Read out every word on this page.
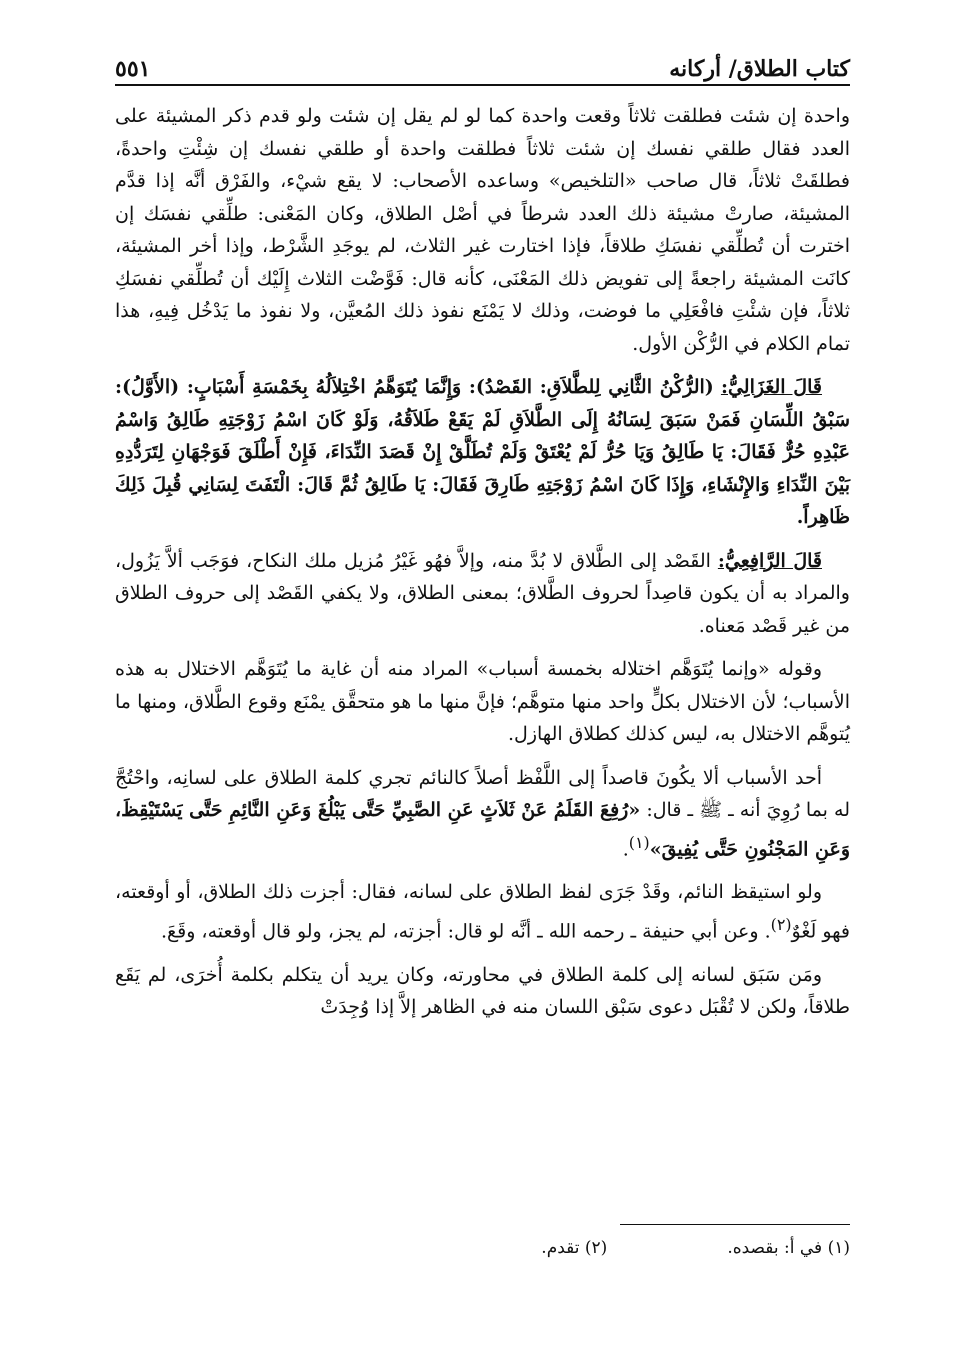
٥٥١	كتاب الطلاق/ أركانه

واحدة إن شئت فطلقت ثلاثاً وقعت واحدة كما لو لم يقل إن شئت ولو قدم ذكر المشيئة على العدد فقال طلقي نفسك إن شئت ثلاثاً فطلقت واحدة أو طلقي نفسك إن شِئْتِ واحدةً، فطلقَتْ ثلاثاً، قال صاحب «التلخيص» وساعده الأصحاب: لا يقع شيْء، والفَرْق أنَّه إذا قدَّم المشيئة، صارتْ مشيئة ذلك العدد شرطاً في أصْل الطلاق، وكان المَعْنى: طلِّقي نفسَك إن اخترت أن تُطلِّقي نفسَكِ طلاقاً، فإذا اختارت غير الثلاث، لم يوجَدِ الشَّرْط، وإذا أخر المشيئة، كانَت المشيئة راجعةً إلى تفويض ذلك المَعْنَى، كأنه قال: فَوَّضْت الثلاث إِلَيْك أن تُطلِّقي نفسَكِ ثلاثاً، فإن شئْتِ فافْعَلِي ما فوضت، وذلك لا يَمْنَع نفوذ ذلك المُعيَّن، ولا نفوذ ما يَدْخُل فِيهِ، هذا تمام الكلام في الرُّكْن الأول.

قَالَ الغَزَالِيُّ: (الرُّكْنُ الثَّانِي لِلطَّلاَقِ: القَصْدُ): وَإِنَّمَا يُتَوَهَّمُ اخْتِلاَلُهُ بِخَمْسَةِ أَسْبَابٍ: (الأَوَّلُ): سَبْقُ اللِّسَانِ فَمَنْ سَبَقَ لِسَانُهُ إِلَى الطَّلاَقِ لَمْ يَقَعْ طَلاَقُهُ، وَلَوْ كَانَ اسْمُ زَوْجَتِهِ طَالِقُ وَاسْمُ عَبْدِهِ حُرٌّ فَقَالَ: يَا طَالِقُ وَيَا حُرُّ لَمْ يُعْتَقْ وَلَمْ تُطَلَّقْ إِنْ قَصَدَ النِّدَاءَ، فَإِنْ أَطْلَقَ فَوَجْهَانِ لِتَرَدُّدِهِ بَيْنَ النِّدَاءِ وَالإِنْشَاءِ، وَإِذَا كَانَ اسْمُ زَوْجَتِهِ طَارِقَ فَقَالَ: يَا طَالِقُ ثُمَّ قَالَ: الْتَفَتَ لِسَانِي قُبِلَ ذَلِكَ ظَاهِراً.

قَالَ الرَّافِعِيُّ: القَصْد إلى الطَّلاق لا بُدَّ منه، وإلاَّ فهُو غَيْرُ مُزيل ملك النكاح، فوَجَب ألاَّ يَزُول، والمراد به أن يكون قاصِداً لحروف الطَّلاق؛ بمعنى الطلاق، ولا يكفي القَصْد إلى حروف الطلاق من غير قَصْد مَعناه.

وقوله «وإنما يُتَوَهَّم اختلاله بخمسة أسباب» المراد منه أن غاية ما يُتَوَهَّم الاختلال به هذه الأسباب؛ لأن الاختلال بكلٍّ واحد منها متوهَّم؛ فإنَّ منها ما هو متحقَّق يمْنَع وقوع الطَّلاق، ومنها ما يُتوهَّم الاختلال به، ليس كذلك كطلاق الهازل.

أحد الأسباب ألا يكُونَ قاصداً إلى اللَّفْظ أصلاً كالنائم تجري كلمة الطلاق على لسانِه، واحْتُجَّ له بما رُوِيَ أنه ـ ﷺ ـ قال: «رُفِعَ القَلَمُ عَنْ ثَلاَثٍ عَنِ الصَّبِيِّ حَتَّى يَبْلُغَ وَعَنِ النَّائِمِ حَتَّى يَسْتَيْقِظَ، وَعَنِ المَجْنُونِ حَتَّى يُفِيقَ»$^{(١)}$.

ولو استيقظ النائم، وقَدْ جَرَى لفظ الطلاق على لسانه، فقال: أجزت ذلك الطلاق، أو أوقعته، فهو لَغْوٌ$^{(٢)}$. وعن أبي حنيفة ـ رحمه الله ـ أنَّه لو قال: أجزته، لم يجز، ولو قال أوقعته، وقَعَ.

ومَن سَبَق لسانه إلى كلمة الطلاق في محاورته، وكان يريد أن يتكلم بكلمة أُخرَى، لم يَقَع طلاقاً، ولكن لا تُقْبَل دعوى سَبْق اللسان منه في الظاهر إلاَّ إذا وُجِدَتْ

(١) في أ: بقصده.
(٢) تقدم.
